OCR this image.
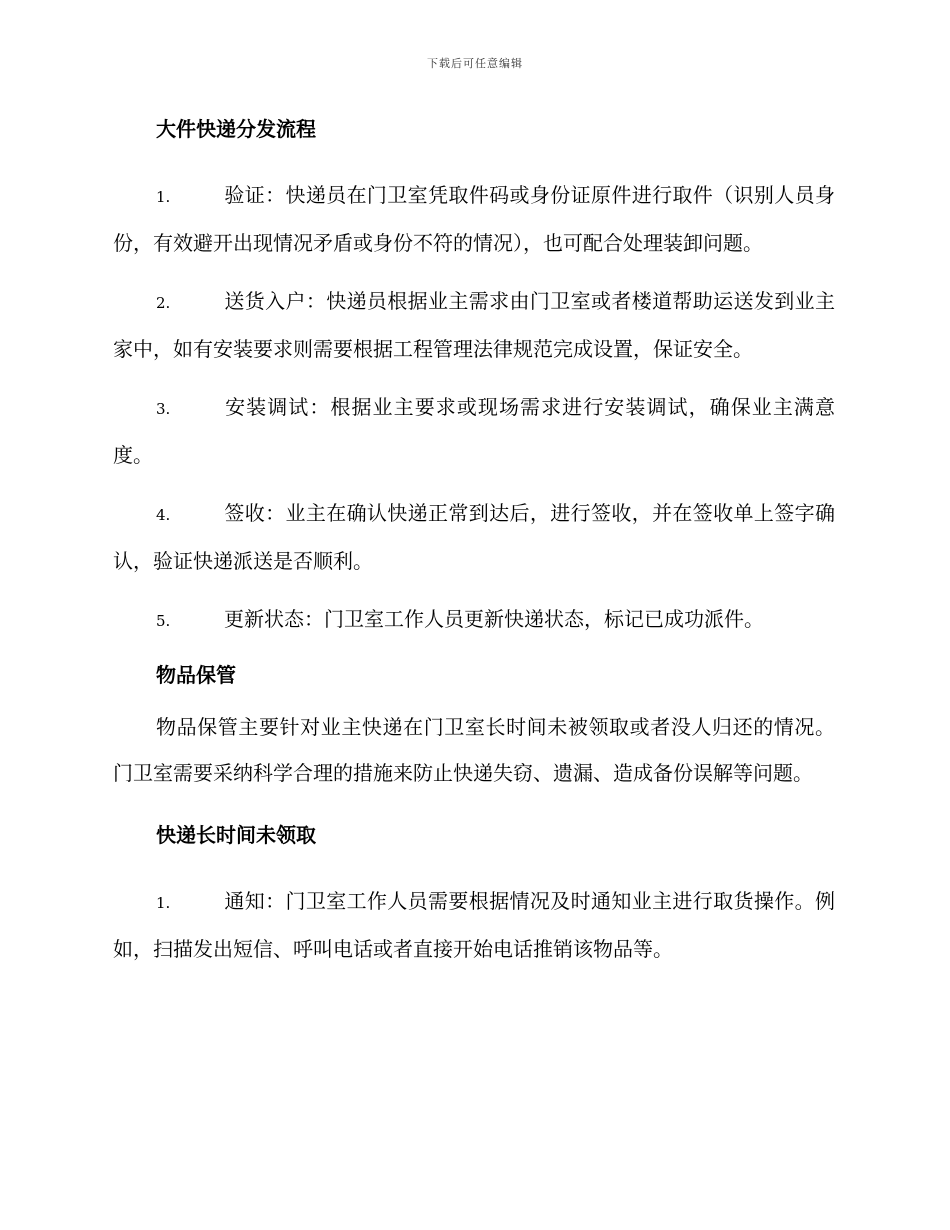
下载后可任意编辑
大件快递分发流程

1.	验证：快递员在门卫室凭取件码或身份证原件进行取件（识别人员身份，有效避开出现情况矛盾或身份不符的情况），也可配合处理装卸问题。

2.	送货入户：快递员根据业主需求由门卫室或者楼道帮助运送发到业主家中，如有安装要求则需要根据工程管理法律规范完成设置，保证安全。

3.	安装调试：根据业主要求或现场需求进行安装调试，确保业主满意度。

4.	签收：业主在确认快递正常到达后，进行签收，并在签收单上签字确认，验证快递派送是否顺利。

5.	更新状态：门卫室工作人员更新快递状态，标记已成功派件。

物品保管

物品保管主要针对业主快递在门卫室长时间未被领取或者没人归还的情况。门卫室需要采纳科学合理的措施来防止快递失窃、遗漏、造成备份误解等问题。

快递长时间未领取

1.	通知：门卫室工作人员需要根据情况及时通知业主进行取货操作。例如，扫描发出短信、呼叫电话或者直接开始电话推销该物品等。
